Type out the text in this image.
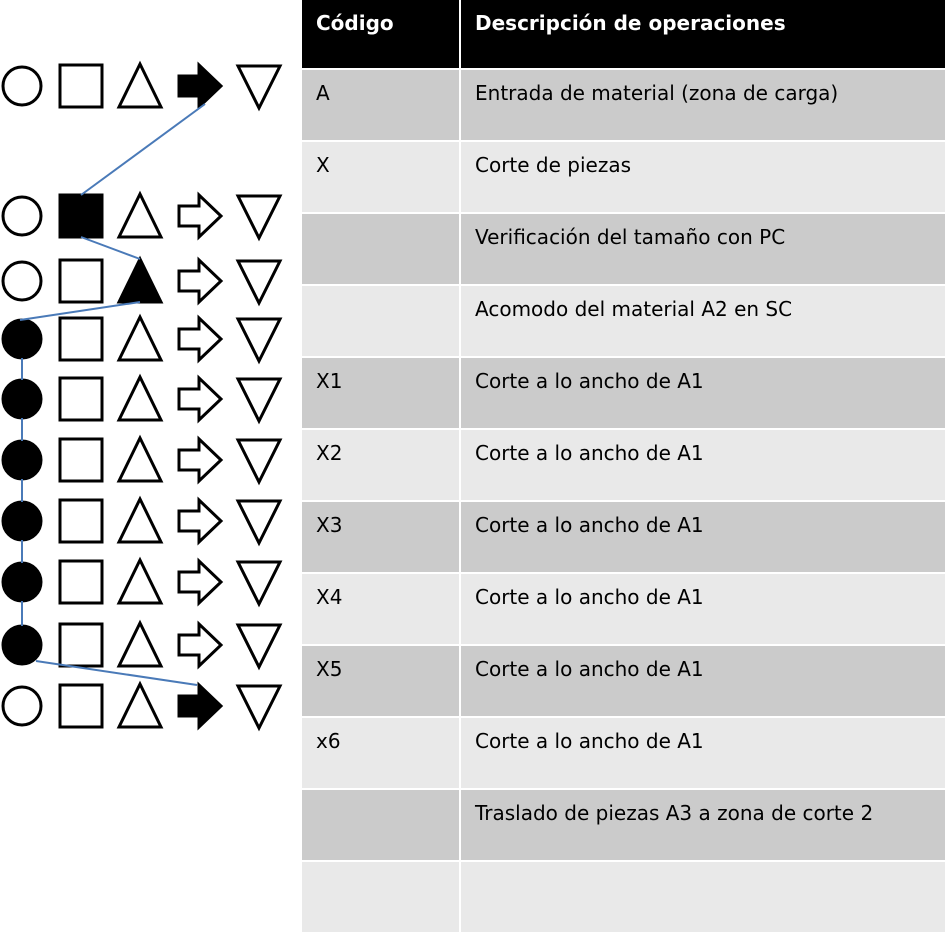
Código	Descripción de operaciones
A	Entrada de material (zona de carga)
X	Corte de piezas
	Verificación del tamaño con PC
	Acomodo del material A2 en SC
X1	Corte a lo ancho de A1
X2	Corte a lo ancho de A1
X3	Corte a lo ancho de A1
X4	Corte a lo ancho de A1
X5	Corte a lo ancho de A1
x6	Corte a lo ancho de A1
	Traslado de piezas A3 a zona de corte 2
